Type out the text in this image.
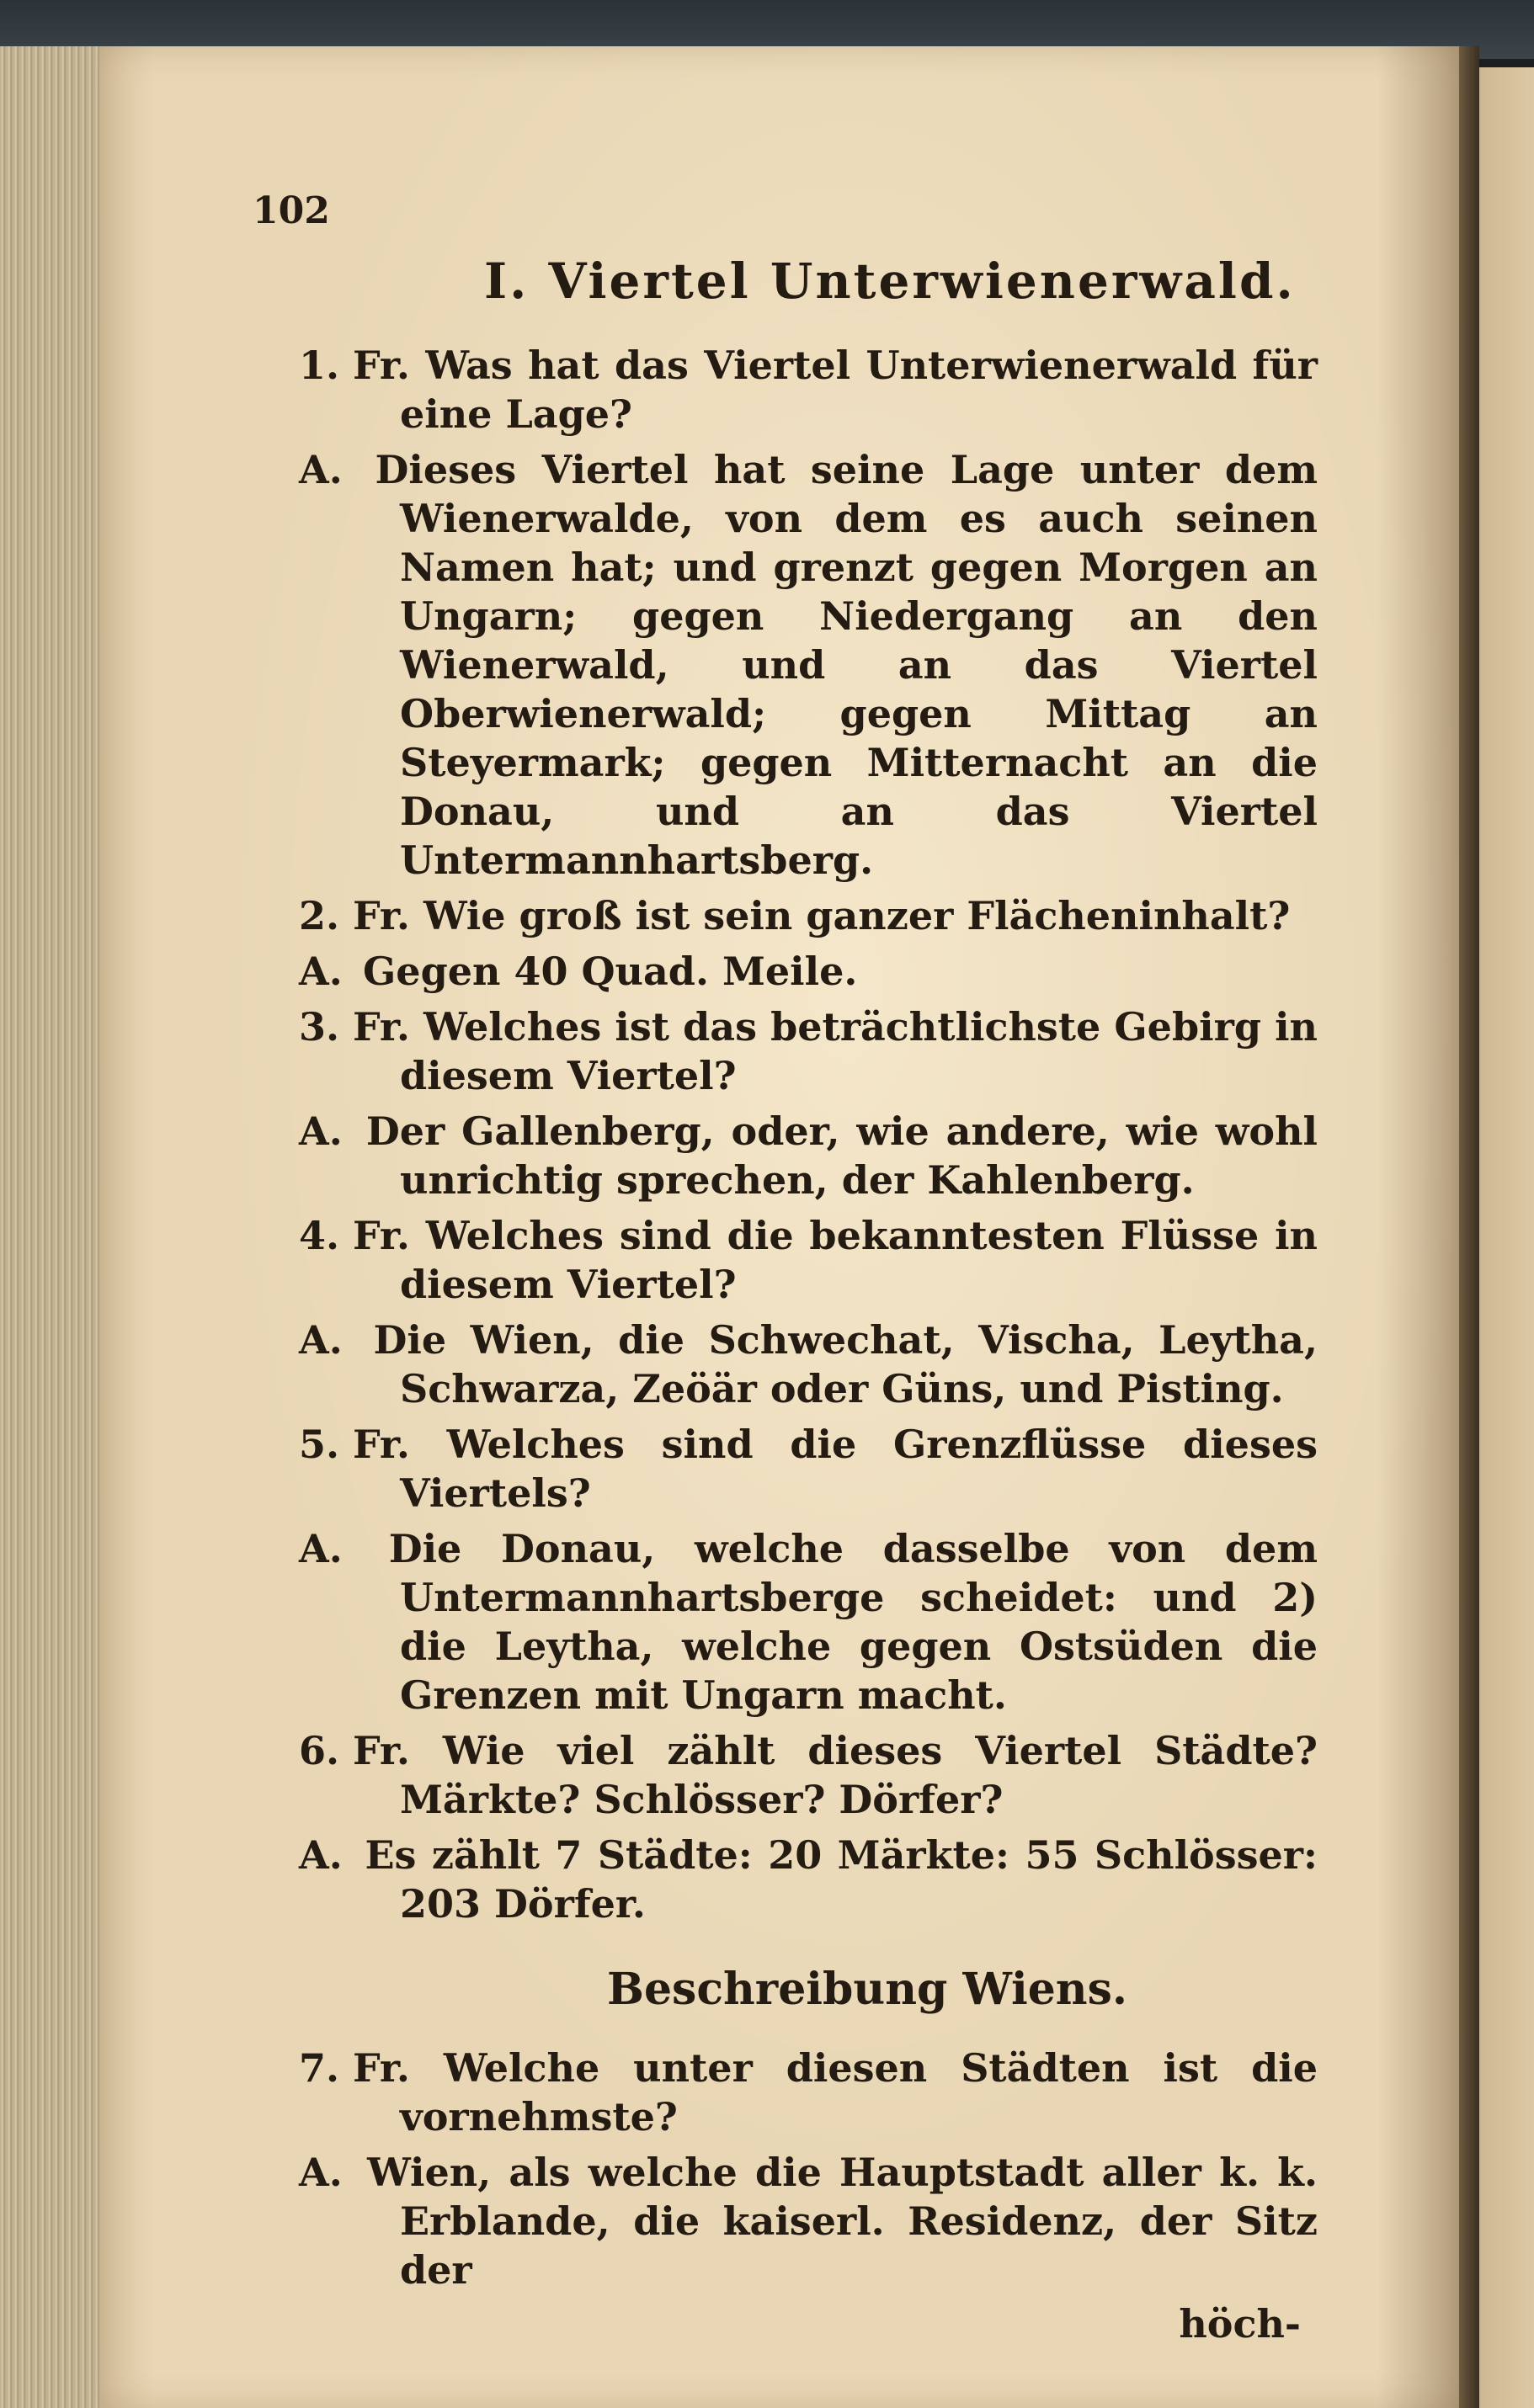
102
I. Viertel Unterwienerwald.

1. Fr. Was hat das Viertel Unterwienerwald für eine Lage?

Dieses Viertel hat seine Lage unter dem Wienerwalde, von dem es auch seinen Namen hat; und grenzt gegen Morgen an Ungarn; gegen Niedergang an den Wienerwald, und an das Viertel Oberwienerwald; gegen Mittag an Steyermark; gegen Mitternacht an die Donau, und an das Viertel Untermannhartsberg.

2. Fr. Wie groß ist sein ganzer Flächeninhalt?

Gegen 40 Quad. Meile.

3. Fr. Welches ist das beträchtlichste Gebirg in diesem Viertel?

Der Gallenberg, oder, wie andere, wie wohl unrichtig sprechen, der Kahlenberg.

4. Fr. Welches sind die bekanntesten Flüsse in diesem Viertel?

Die Wien, die Schwechat, Vischa, Leytha, Schwarza, Zeöär oder Güns, und Pisting.

5. Fr. Welches sind die Grenzflüsse dieses Viertels?

Die Donau, welche dasselbe von dem Untermannhartsberge scheidet: und 2) die Leytha, welche gegen Ostsüden die Grenzen mit Ungarn macht.

6. Fr. Wie viel zählt dieses Viertel Städte? Märkte? Schlösser? Dörfer?

Es zählt 7 Städte: 20 Märkte: 55 Schlösser: 203 Dörfer.

Beschreibung Wiens.

7. Fr. Welche unter diesen Städten ist die vornehmste?

Wien, als welche die Hauptstadt aller k. k. Erblande, die kaiserl. Residenz, der Sitz der

höch-
